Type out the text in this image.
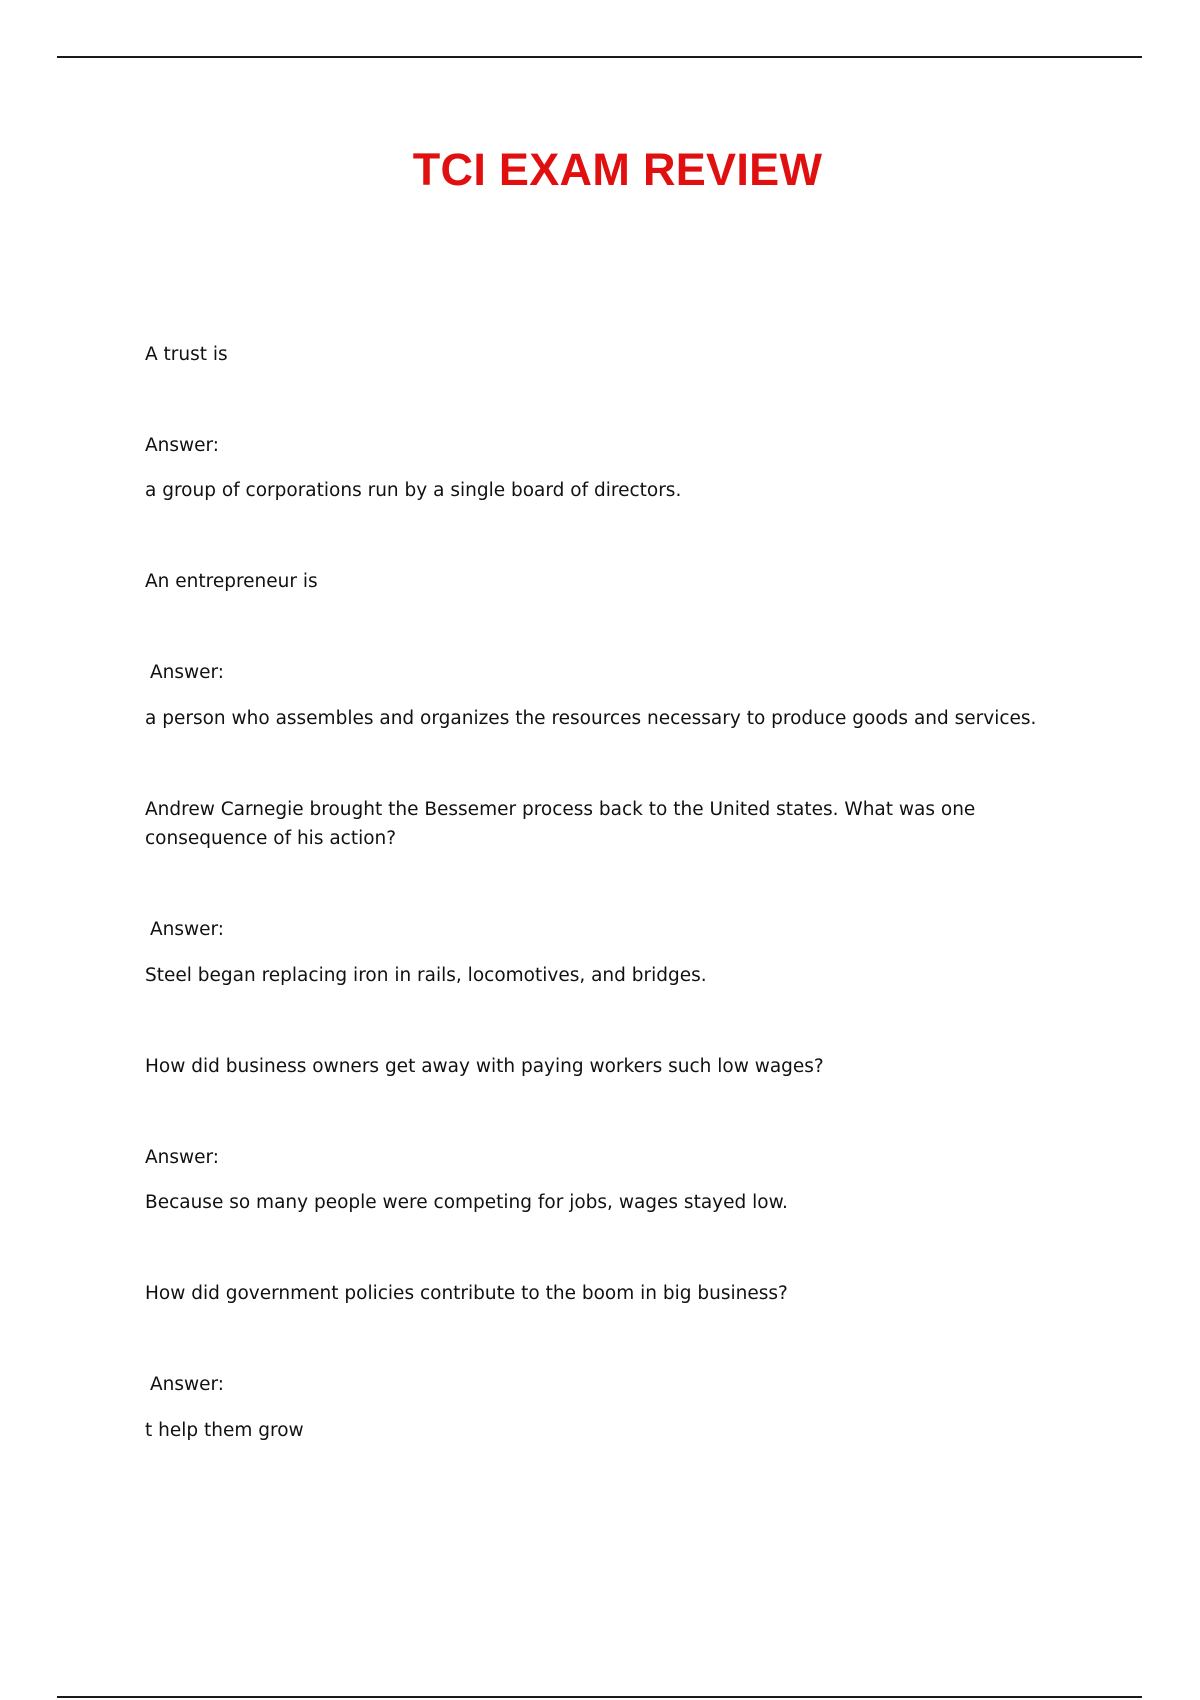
TCI EXAM REVIEW
A trust is
Answer:
a group of corporations run by a single board of directors.
An entrepreneur is
Answer:
a person who assembles and organizes the resources necessary to produce goods and services.
Andrew Carnegie brought the Bessemer process back to the United states. What was one consequence of his action?
Answer:
Steel began replacing iron in rails, locomotives, and bridges.
How did business owners get away with paying workers such low wages?
Answer:
Because so many people were competing for jobs, wages stayed low.
How did government policies contribute to the boom in big business?
Answer:
t help them grow
